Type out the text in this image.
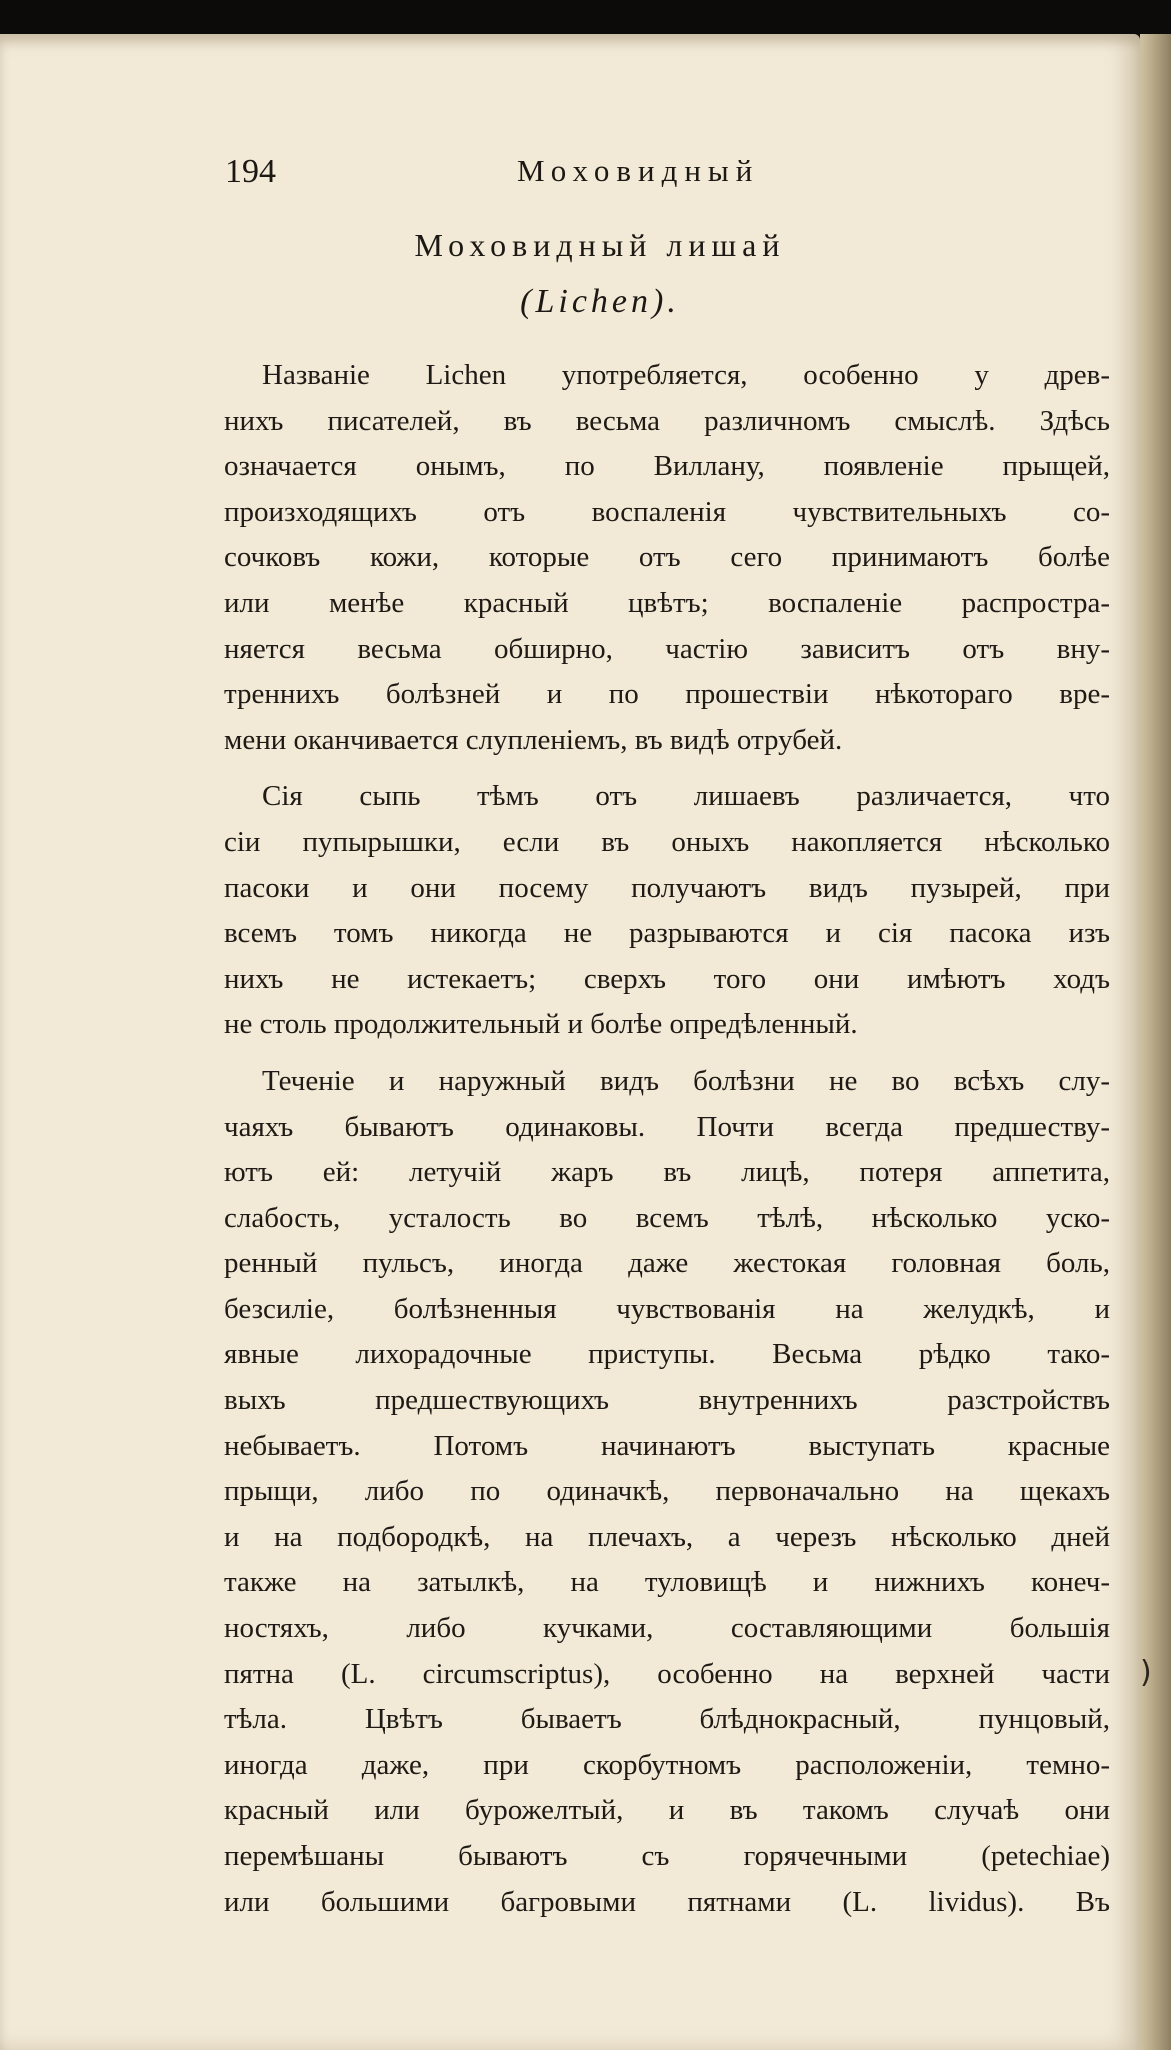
194	Моховидный
Моховидный лишай
(Lichen).
Названіе Lichen употребляется, особенно у древ-
нихъ писателей, въ весьма различномъ смыслѣ. Здѣсь
означается онымъ, по Виллану, появленіе прыщей,
произходящихъ отъ воспаленія чувствительныхъ со-
сочковъ кожи, которые отъ сего принимаютъ болѣе
или менѣе красный цвѣтъ; воспаленіе распростра-
няется весьма обширно, частію зависитъ отъ вну-
треннихъ болѣзней и по прошествіи нѣкотораго вре-
мени оканчивается слупленіемъ, въ видѣ отрубей.
Сія сыпь тѣмъ отъ лишаевъ различается, что
сіи пупырышки, если въ оныхъ накопляется нѣсколько
пасоки и они посему получаютъ видъ пузырей, при
всемъ томъ никогда не разрываются и сія пасока изъ
нихъ не истекаетъ; сверхъ того они имѣютъ ходъ
не столь продолжительный и болѣе опредѣленный.
Теченіе и наружный видъ болѣзни не во всѣхъ слу-
чаяхъ бываютъ одинаковы. Почти всегда предшеству-
ютъ ей: летучій жаръ въ лицѣ, потеря аппетита,
слабость, усталость во всемъ тѣлѣ, нѣсколько уско-
ренный пульсъ, иногда даже жестокая головная боль,
безсиліе, болѣзненныя чувствованія на желудкѣ, и
явные лихорадочные приступы. Весьма рѣдко тако-
выхъ предшествующихъ внутреннихъ разстройствъ
небываетъ. Потомъ начинаютъ выступать красные
прыщи, либо по одиначкѣ, первоначально на щекахъ
и на подбородкѣ, на плечахъ, а черезъ нѣсколько дней
также на затылкѣ, на туловищѣ и нижнихъ конеч-
ностяхъ, либо кучками, составляющими большія
пятна (L. circumscriptus), особенно на верхней части
тѣла. Цвѣтъ бываетъ блѣднокрасный, пунцовый,
иногда даже, при скорбутномъ расположеніи, темно-
красный или бурожелтый, и въ такомъ случаѣ они
перемѣшаны бываютъ съ горячечными (petechiae)
или большими багровыми пятнами (L. lividus). Въ
)
